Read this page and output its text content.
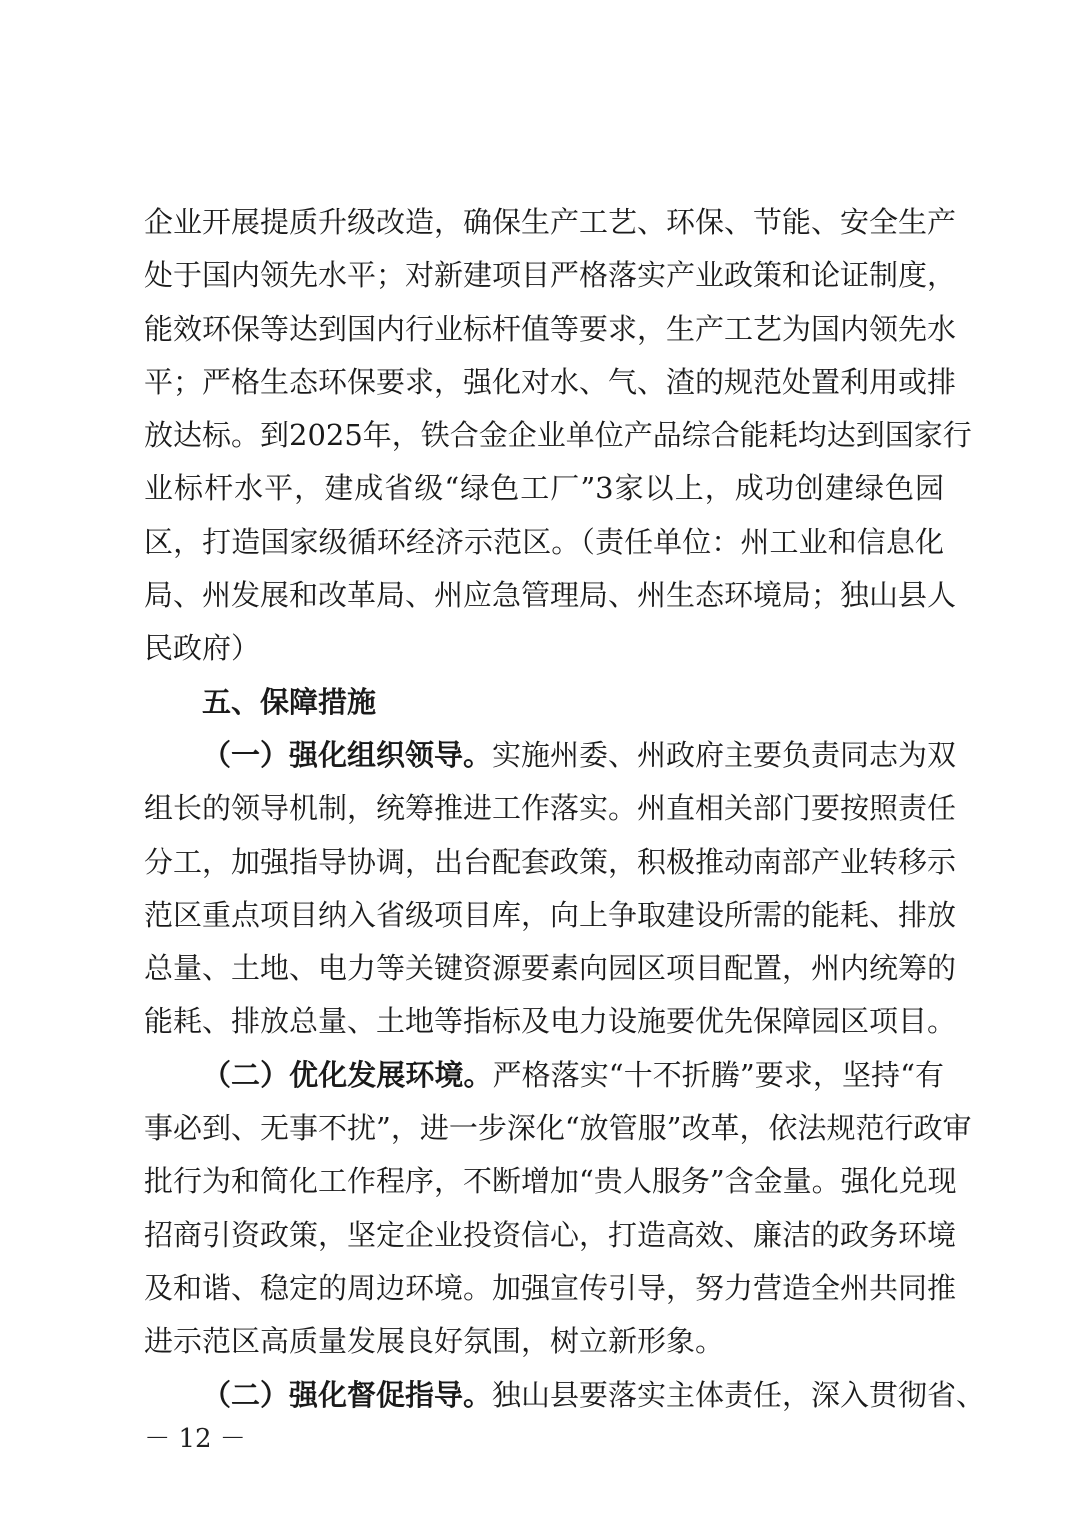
企业开展提质升级改造，确保生产工艺、环保、节能、安全生产
处于国内领先水平；对新建项目严格落实产业政策和论证制度，
能效环保等达到国内行业标杆值等要求，生产工艺为国内领先水
平；严格生态环保要求，强化对水、气、渣的规范处置利用或排
放达标。到2025年，铁合金企业单位产品综合能耗均达到国家行
业标杆水平，建成省级“绿色工厂”3家以上，成功创建绿色园
区，打造国家级循环经济示范区。（责任单位：州工业和信息化
局、州发展和改革局、州应急管理局、州生态环境局；独山县人
民政府）
五、保障措施
（一）强化组织领导。实施州委、州政府主要负责同志为双
组长的领导机制，统筹推进工作落实。州直相关部门要按照责任
分工，加强指导协调，出台配套政策，积极推动南部产业转移示
范区重点项目纳入省级项目库，向上争取建设所需的能耗、排放
总量、土地、电力等关键资源要素向园区项目配置，州内统筹的
能耗、排放总量、土地等指标及电力设施要优先保障园区项目。
（二）优化发展环境。严格落实“十不折腾”要求，坚持“有
事必到、无事不扰”，进一步深化“放管服”改革，依法规范行政审
批行为和简化工作程序，不断增加“贵人服务”含金量。强化兑现
招商引资政策，坚定企业投资信心，打造高效、廉洁的政务环境
及和谐、稳定的周边环境。加强宣传引导，努力营造全州共同推
进示范区高质量发展良好氛围，树立新形象。
（二）强化督促指导。独山县要落实主体责任，深入贯彻省、
－ 12 －
